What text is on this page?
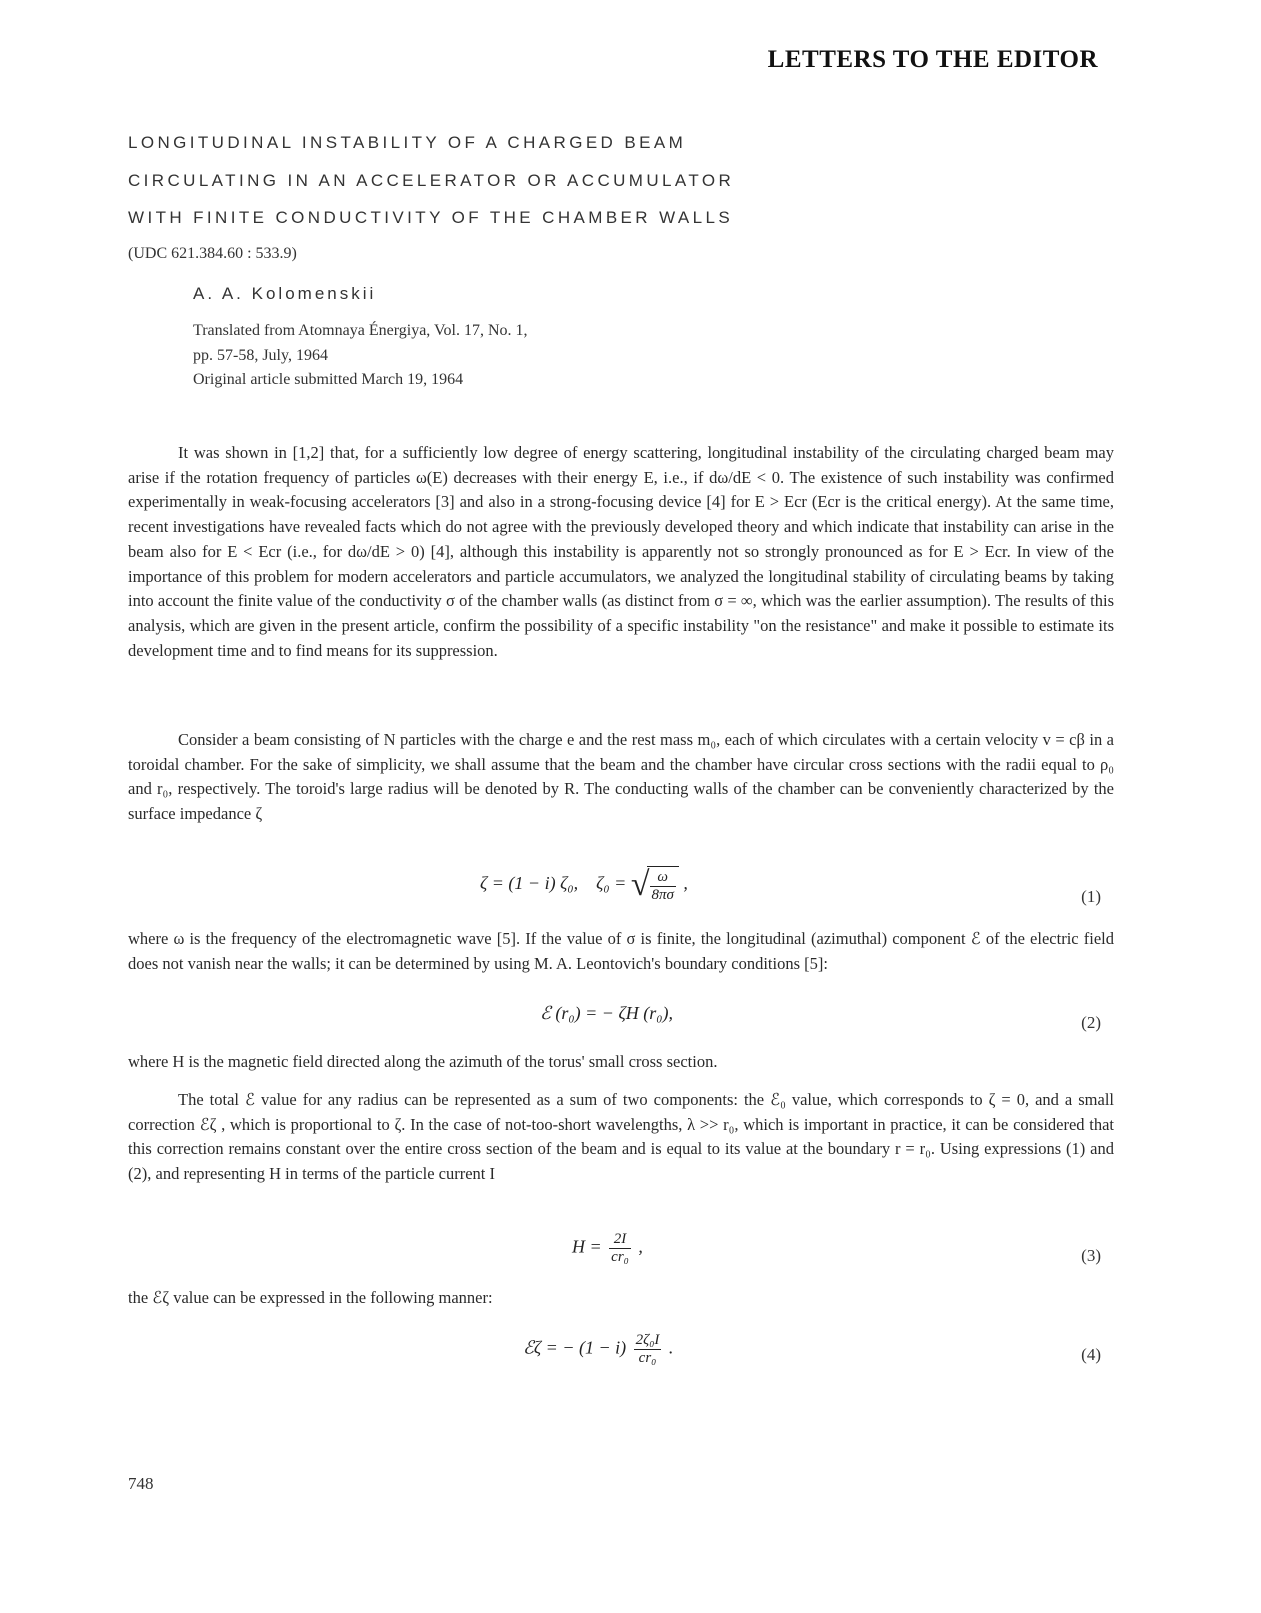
LETTERS TO THE EDITOR
LONGITUDINAL INSTABILITY OF A CHARGED BEAM
CIRCULATING IN AN ACCELERATOR OR ACCUMULATOR
WITH FINITE CONDUCTIVITY OF THE CHAMBER WALLS
(UDC 621.384.60 : 533.9)
A. A. Kolomenskii
Translated from Atomnaya Énergiya, Vol. 17, No. 1,
pp. 57-58, July, 1964
Original article submitted March 19, 1964

It was shown in [1,2] that, for a sufficiently low degree of energy scattering, longitudinal instability of the circulating charged beam may arise if the rotation frequency of particles ω(E) decreases with their energy E, i.e., if dω/dE < 0. The existence of such instability was confirmed experimentally in weak-focusing accelerators [3] and also in a strong-focusing device [4] for E > Ecr (Ecr is the critical energy). At the same time, recent investigations have revealed facts which do not agree with the previously developed theory and which indicate that instability can arise in the beam also for E < Ecr (i.e., for dω/dE > 0) [4], although this instability is apparently not so strongly pronounced as for E > Ecr. In view of the importance of this problem for modern accelerators and particle accumulators, we analyzed the longitudinal stability of circulating beams by taking into account the finite value of the conductivity σ of the chamber walls (as distinct from σ = ∞, which was the earlier assumption). The results of this analysis, which are given in the present article, confirm the possibility of a specific instability "on the resistance" and make it possible to estimate its development time and to find means for its suppression.

Consider a beam consisting of N particles with the charge e and the rest mass m₀, each of which circulates with a certain velocity v = cβ in a toroidal chamber. For the sake of simplicity, we shall assume that the beam and the chamber have circular cross sections with the radii equal to ρ₀ and r₀, respectively. The toroid's large radius will be denoted by R. The conducting walls of the chamber can be conveniently characterized by the surface impedance ζ

ζ = (1 − i) ζ₀, ζ₀ = √ $\frac{\omega}{8\pi\sigma}$ ,
(1)

where ω is the frequency of the electromagnetic wave [5]. If the value of σ is finite, the longitudinal (azimuthal) component ℰ of the electric field does not vanish near the walls; it can be determined by using M. A. Leontovich's boundary conditions [5]:

ℰ (r₀) = − ζH (r₀),	(2)

where H is the magnetic field directed along the azimuth of the torus' small cross section.

The total ℰ value for any radius can be represented as a sum of two components: the ℰ₀ value, which corresponds to ζ = 0, and a small correction ℰζ , which is proportional to ζ. In the case of not-too-short wavelengths, λ >> r₀, which is important in practice, it can be considered that this correction remains constant over the entire cross section of the beam and is equal to its value at the boundary r = r₀. Using expressions (1) and (2), and representing H in terms of the particle current I

$H = \frac{2I}{\text{cr₀}}$ ,	(3)

the ℰζ value can be expressed in the following manner:

ℰζ = − $(1 - i) \frac{\text{2ζ₀I}}{\text{cr₀}}$ .	(4)
748
